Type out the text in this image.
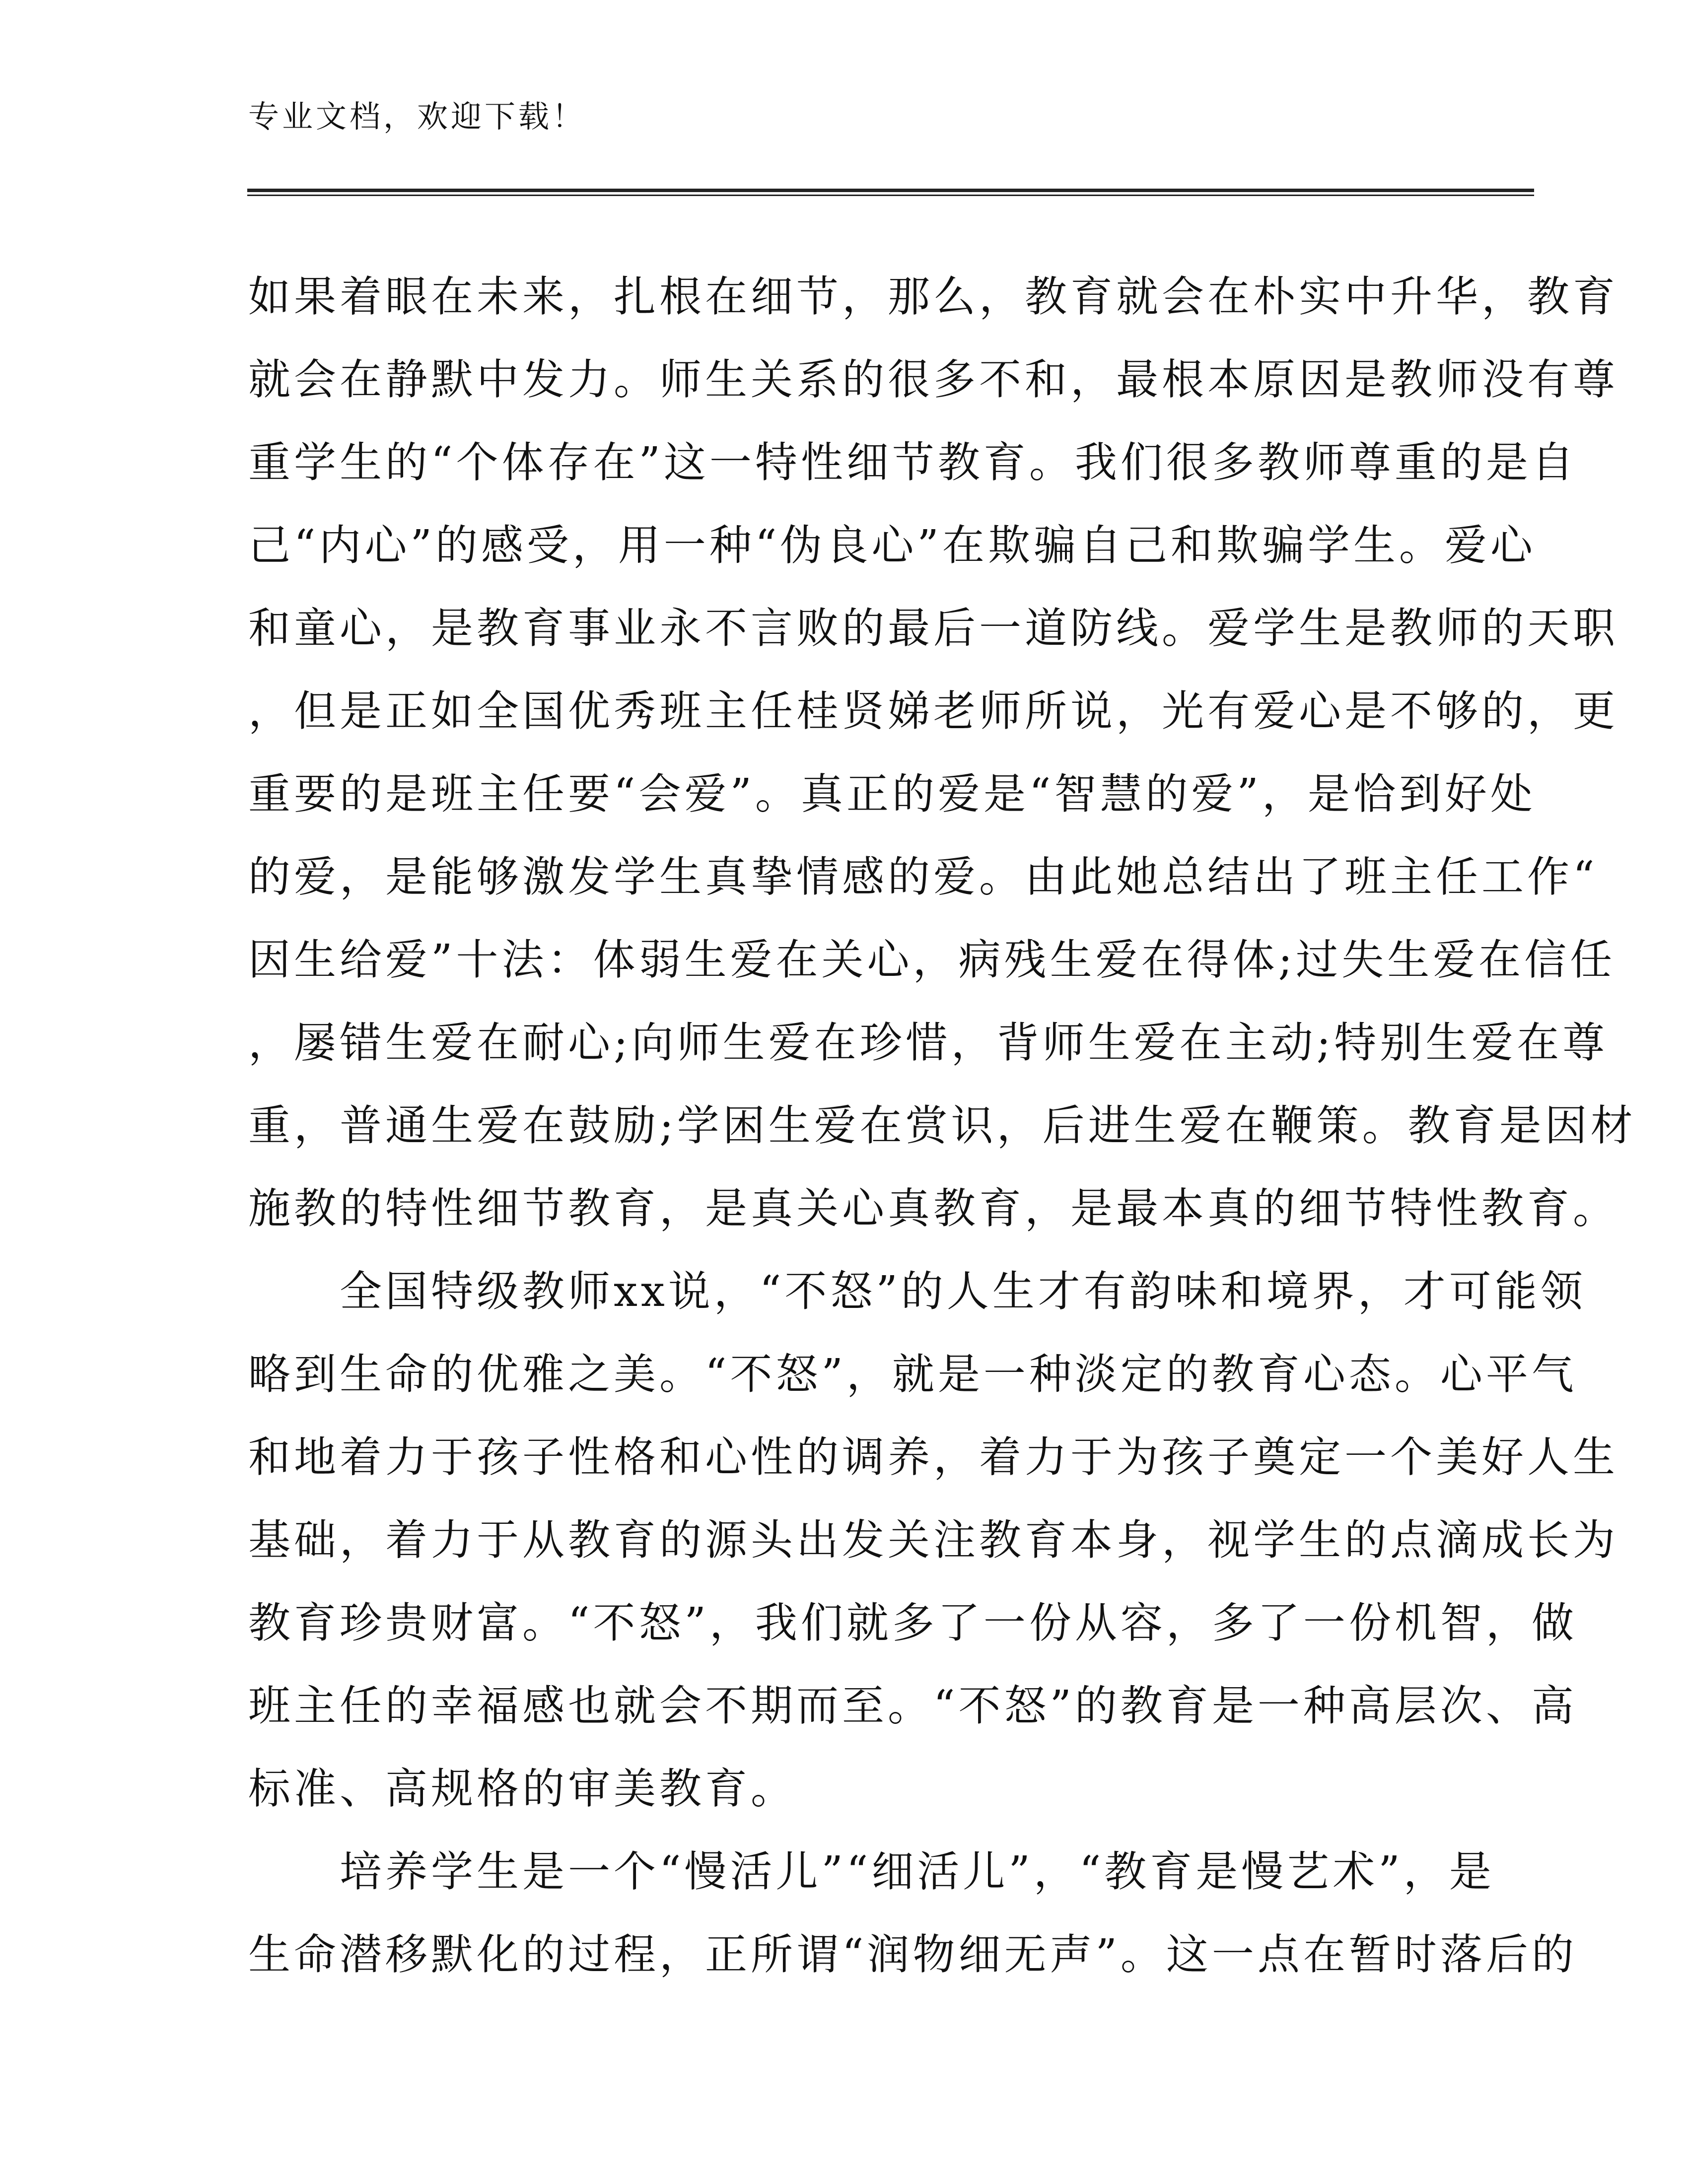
专业文档，欢迎下载！
如果着眼在未来，扎根在细节，那么，教育就会在朴实中升华，教育
就会在静默中发力。师生关系的很多不和，最根本原因是教师没有尊
重学生的“个体存在”这一特性细节教育。我们很多教师尊重的是自
己“内心”的感受，用一种“伪良心”在欺骗自己和欺骗学生。爱心
和童心，是教育事业永不言败的最后一道防线。爱学生是教师的天职
，但是正如全国优秀班主任桂贤娣老师所说，光有爱心是不够的，更
重要的是班主任要“会爱”。真正的爱是“智慧的爱”，是恰到好处
的爱，是能够激发学生真挚情感的爱。由此她总结出了班主任工作“
因生给爱”十法：体弱生爱在关心，病残生爱在得体;过失生爱在信任
，屡错生爱在耐心;向师生爱在珍惜，背师生爱在主动;特别生爱在尊
重，普通生爱在鼓励;学困生爱在赏识，后进生爱在鞭策。教育是因材
施教的特性细节教育，是真关心真教育，是最本真的细节特性教育。
　　全国特级教师xx说，“不怒”的人生才有韵味和境界，才可能领
略到生命的优雅之美。“不怒”，就是一种淡定的教育心态。心平气
和地着力于孩子性格和心性的调养，着力于为孩子奠定一个美好人生
基础，着力于从教育的源头出发关注教育本身，视学生的点滴成长为
教育珍贵财富。“不怒”，我们就多了一份从容，多了一份机智，做
班主任的幸福感也就会不期而至。“不怒”的教育是一种高层次、高
标准、高规格的审美教育。
　　培养学生是一个“慢活儿”“细活儿”，“教育是慢艺术”，是
生命潜移默化的过程，正所谓“润物细无声”。这一点在暂时落后的
